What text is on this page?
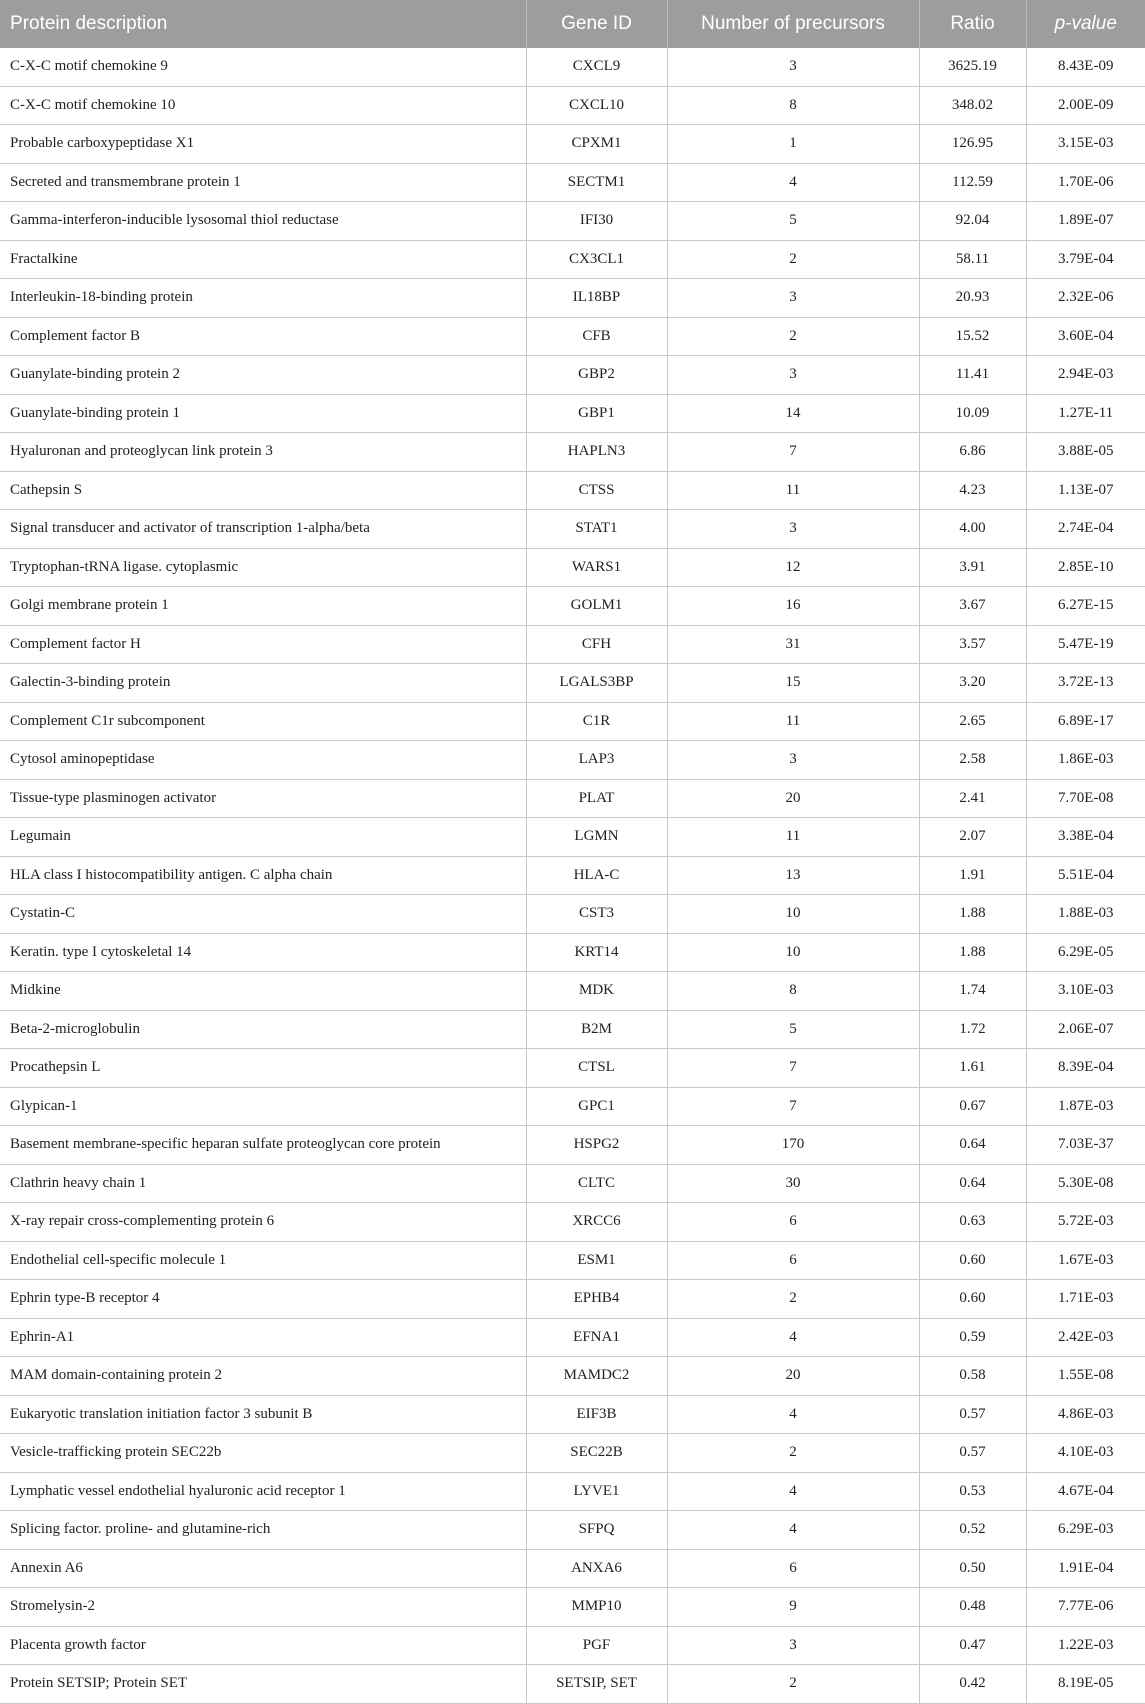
Protein description	Gene ID	Number of precursors	Ratio	p-value
C-X-C motif chemokine 9	CXCL9	3	3625.19	8.43E-09
C-X-C motif chemokine 10	CXCL10	8	348.02	2.00E-09
Probable carboxypeptidase X1	CPXM1	1	126.95	3.15E-03
Secreted and transmembrane protein 1	SECTM1	4	112.59	1.70E-06
Gamma-interferon-inducible lysosomal thiol reductase	IFI30	5	92.04	1.89E-07
Fractalkine	CX3CL1	2	58.11	3.79E-04
Interleukin-18-binding protein	IL18BP	3	20.93	2.32E-06
Complement factor B	CFB	2	15.52	3.60E-04
Guanylate-binding protein 2	GBP2	3	11.41	2.94E-03
Guanylate-binding protein 1	GBP1	14	10.09	1.27E-11
Hyaluronan and proteoglycan link protein 3	HAPLN3	7	6.86	3.88E-05
Cathepsin S	CTSS	11	4.23	1.13E-07
Signal transducer and activator of transcription 1-alpha/beta	STAT1	3	4.00	2.74E-04
Tryptophan-tRNA ligase. cytoplasmic	WARS1	12	3.91	2.85E-10
Golgi membrane protein 1	GOLM1	16	3.67	6.27E-15
Complement factor H	CFH	31	3.57	5.47E-19
Galectin-3-binding protein	LGALS3BP	15	3.20	3.72E-13
Complement C1r subcomponent	C1R	11	2.65	6.89E-17
Cytosol aminopeptidase	LAP3	3	2.58	1.86E-03
Tissue-type plasminogen activator	PLAT	20	2.41	7.70E-08
Legumain	LGMN	11	2.07	3.38E-04
HLA class I histocompatibility antigen. C alpha chain	HLA-C	13	1.91	5.51E-04
Cystatin-C	CST3	10	1.88	1.88E-03
Keratin. type I cytoskeletal 14	KRT14	10	1.88	6.29E-05
Midkine	MDK	8	1.74	3.10E-03
Beta-2-microglobulin	B2M	5	1.72	2.06E-07
Procathepsin L	CTSL	7	1.61	8.39E-04
Glypican-1	GPC1	7	0.67	1.87E-03
Basement membrane-specific heparan sulfate proteoglycan core protein	HSPG2	170	0.64	7.03E-37
Clathrin heavy chain 1	CLTC	30	0.64	5.30E-08
X-ray repair cross-complementing protein 6	XRCC6	6	0.63	5.72E-03
Endothelial cell-specific molecule 1	ESM1	6	0.60	1.67E-03
Ephrin type-B receptor 4	EPHB4	2	0.60	1.71E-03
Ephrin-A1	EFNA1	4	0.59	2.42E-03
MAM domain-containing protein 2	MAMDC2	20	0.58	1.55E-08
Eukaryotic translation initiation factor 3 subunit B	EIF3B	4	0.57	4.86E-03
Vesicle-trafficking protein SEC22b	SEC22B	2	0.57	4.10E-03
Lymphatic vessel endothelial hyaluronic acid receptor 1	LYVE1	4	0.53	4.67E-04
Splicing factor. proline- and glutamine-rich	SFPQ	4	0.52	6.29E-03
Annexin A6	ANXA6	6	0.50	1.91E-04
Stromelysin-2	MMP10	9	0.48	7.77E-06
Placenta growth factor	PGF	3	0.47	1.22E-03
Protein SETSIP; Protein SET	SETSIP, SET	2	0.42	8.19E-05
